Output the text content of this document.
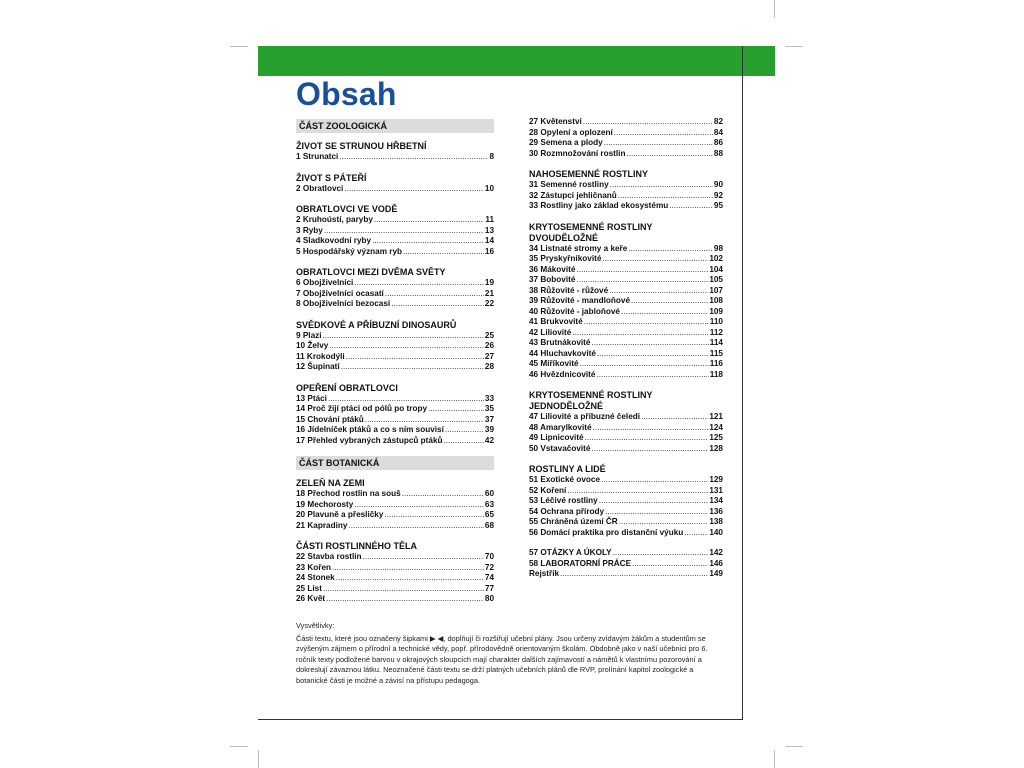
Obsah
ČÁST ZOOLOGICKÁ

ŽIVOT SE STRUNOU HŘBETNÍ

1 Strunatci .....	8

ŽIVOT S PÁTEŘÍ

2 Obratlovci .....	10

OBRATLOVCI VE VODĚ

2 Kruhoústí, paryby .....	11
3 Ryby .....	13
4 Sladkovodní ryby .....	14
5 Hospodářský význam ryb .....	16

OBRATLOVCI MEZI DVĚMA SVĚTY

6 Obojživelníci .....	19
7 Obojživelníci ocasatí .....	21
8 Obojživelníci bezocasí .....	22

SVĚDKOVÉ A PŘÍBUZNÍ DINOSAURŮ

9 Plazi .....	25
10 Želvy .....	26
11 Krokodýli .....	27
12 Šupinatí .....	28

OPEŘENÍ OBRATLOVCI

13 Ptáci .....	33
14 Proč žijí ptáci od pólů po tropy .....	35
15 Chování ptáků .....	37
16 Jídelníček ptáků a co s ním souvisí .....	39
17 Přehled vybraných zástupců ptáků .....	42
ČÁST BOTANICKÁ

ZELEŇ NA ZEMI

18 Přechod rostlin na souš .....	60
19 Mechorosty .....	63
20 Plavuně a přesličky .....	65
21 Kapradiny .....	68

ČÁSTI ROSTLINNÉHO TĚLA

22 Stavba rostlin .....	70
23 Kořen .....	72
24 Stonek .....	74
25 List .....	77
26 Květ .....	80
27 Květenství .....	82
28 Opylení a oplození .....	84
29 Semena a plody .....	86
30 Rozmnožování rostlin .....	88

NAHOSEMENNÉ ROSTLINY

31 Semenné rostliny .....	90
32 Zástupci jehličnanů .....	92
33 Rostliny jako základ ekosystému .....	95

KRYTOSEMENNÉ ROSTLINY DVOUDĚLOŽNÉ

34 Listnaté stromy a keře .....	98
35 Pryskyřníkovité .....	102
36 Mákovité .....	104
37 Bobovité .....	105
38 Růžovité - růžové .....	107
39 Růžovité - mandloňové .....	108
40 Růžovité - jabloňové .....	109
41 Brukvovité .....	110
42 Liliovité .....	112
43 Brutnákovité .....	114
44 Hluchavkovité .....	115
45 Miříkovité .....	116
46 Hvězdnicovité .....	118

KRYTOSEMENNÉ ROSTLINY JEDNODĚLOŽNÉ

47 Liliovité a příbuzné čeledi .....	121
48 Amarylkovité .....	124
49 Lipnicovité .....	125
50 Vstavačovité .....	128

ROSTLINY A LIDÉ

51 Exotické ovoce .....	129
52 Koření .....	131
53 Léčivé rostliny .....	134
54 Ochrana přírody .....	136
55 Chráněná území ČR .....	138
56 Domácí praktika pro distanční výuku .....	140
57 OTÁZKY A ÚKOLY .....	142
58 LABORATORNÍ PRÁCE .....	146
Rejstřík .....	149

Vysvětlivky:

Části textu, které jsou označeny šipkami ▶ ◀, doplňují či rozšiřují učební plány. Jsou určeny zvídavým žákům a studentům se zvýšeným zájmem o přírodní a technické vědy, popř. přírodovědně orientovaným školám. Obdobně jako v naší učebnici pro 6. ročník texty podložené barvou v okrajových sloupcích mají charakter dalších zajímavostí a námětů k vlastnímu pozorování a dokreslují závaznou látku. Neoznačené části textu se drží platných učebních plánů dle RVP, prolínání kapitol zoologické a botanické části je možné a závisí na přístupu pedagoga.
